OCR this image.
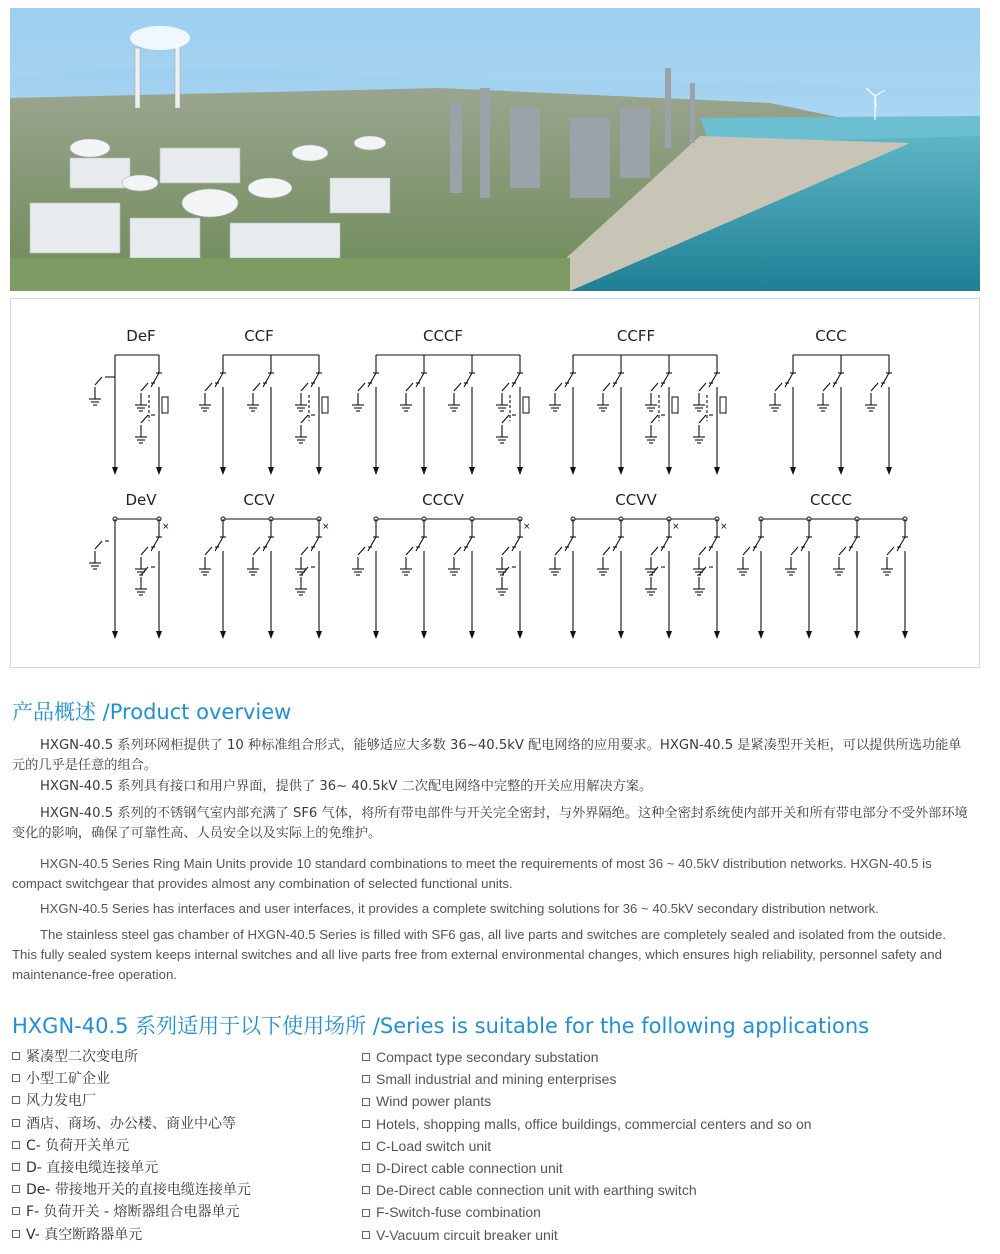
DeF	CCF	CCCF	CCFF	CCC
DeV
×
CCV
×
CCCV
×
CCVV
×	×
CCCC
产品概述 /Product overview

HXGN-40.5 系列环网柜提供了 10 种标准组合形式，能够适应大多数 36~40.5kV 配电网络的应用要求。HXGN-40.5 是紧凑型开关柜，可以提供所选功能单元的几乎是任意的组合。

HXGN-40.5 系列具有接口和用户界面，提供了 36~ 40.5kV 二次配电网络中完整的开关应用解决方案。

HXGN-40.5 系列的不锈钢气室内部充满了 SF6 气体，将所有带电部件与开关完全密封，与外界隔绝。这种全密封系统使内部开关和所有带电部分不受外部环境变化的影响，确保了可靠性高、人员安全以及实际上的免维护。

HXGN-40.5 Series Ring Main Units provide 10 standard combinations to meet the requirements of most 36 ~ 40.5kV distribution networks. HXGN-40.5 is compact switchgear that provides almost any combination of selected functional units.

HXGN-40.5 Series has interfaces and user interfaces, it provides a complete switching solutions for 36 ~ 40.5kV secondary distribution network.

The stainless steel gas chamber of HXGN-40.5 Series is filled with SF6 gas, all live parts and switches are completely sealed and isolated from the outside. This fully sealed system keeps internal switches and all live parts free from external environmental changes, which ensures high reliability, personnel safety and maintenance-free operation.

HXGN-40.5 系列适用于以下使用场所 /Series is suitable for the following applications
紧凑型二次变电所
小型工矿企业
风力发电厂
酒店、商场、办公楼、商业中心等
C- 负荷开关单元
D- 直接电缆连接单元
De- 带接地开关的直接电缆连接单元
F- 负荷开关 - 熔断器组合电器单元
V- 真空断路器单元
Compact type secondary substation
Small industrial and mining enterprises
Wind power plants
Hotels, shopping malls, office buildings, commercial centers and so on
C-Load switch unit
D-Direct cable connection unit
De-Direct cable connection unit with earthing switch
F-Switch-fuse combination
V-Vacuum circuit breaker unit
